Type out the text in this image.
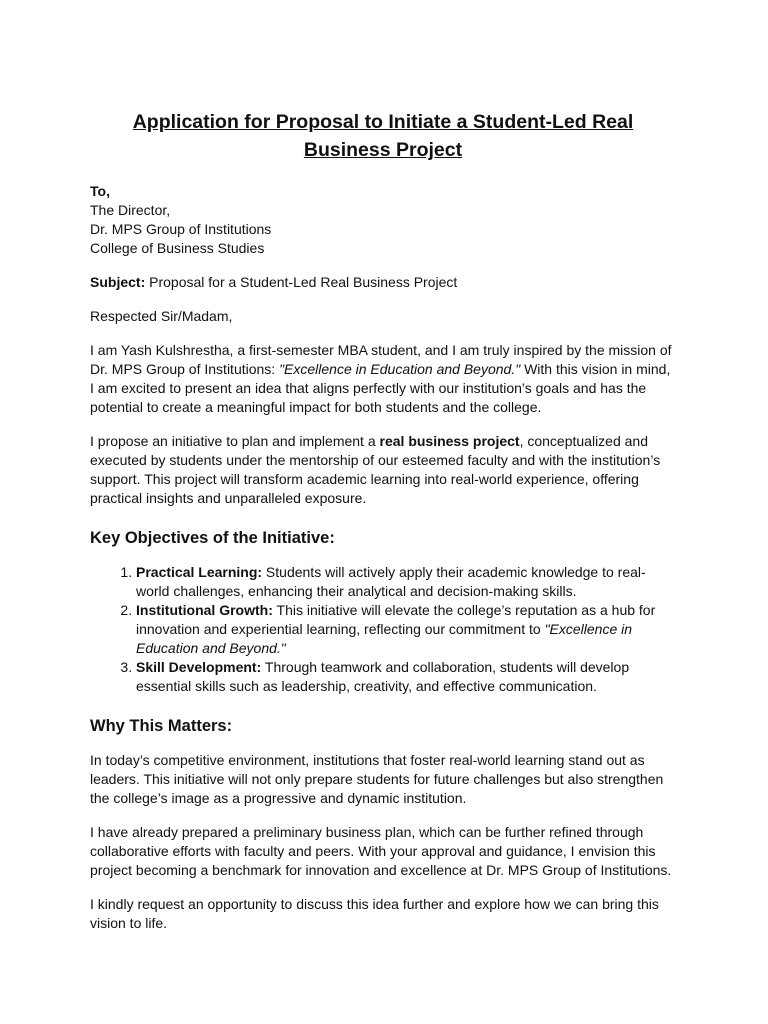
Application for Proposal to Initiate a Student-Led Real
Business Project
To,
The Director,
Dr. MPS Group of Institutions
College of Business Studies

Subject: Proposal for a Student-Led Real Business Project

Respected Sir/Madam,

I am Yash Kulshrestha, a first-semester MBA student, and I am truly inspired by the mission of Dr. MPS Group of Institutions: "Excellence in Education and Beyond." With this vision in mind, I am excited to present an idea that aligns perfectly with our institution’s goals and has the potential to create a meaningful impact for both students and the college.

I propose an initiative to plan and implement a real business project, conceptualized and executed by students under the mentorship of our esteemed faculty and with the institution’s support. This project will transform academic learning into real-world experience, offering practical insights and unparalleled exposure.

Key Objectives of the Initiative:
1. Practical Learning: Students will actively apply their academic knowledge to real-world challenges, enhancing their analytical and decision-making skills.
2. Institutional Growth: This initiative will elevate the college’s reputation as a hub for innovation and experiential learning, reflecting our commitment to "Excellence in Education and Beyond."
3. Skill Development: Through teamwork and collaboration, students will develop essential skills such as leadership, creativity, and effective communication.
Why This Matters:

In today’s competitive environment, institutions that foster real-world learning stand out as leaders. This initiative will not only prepare students for future challenges but also strengthen the college’s image as a progressive and dynamic institution.

I have already prepared a preliminary business plan, which can be further refined through collaborative efforts with faculty and peers. With your approval and guidance, I envision this project becoming a benchmark for innovation and excellence at Dr. MPS Group of Institutions.

I kindly request an opportunity to discuss this idea further and explore how we can bring this vision to life.
